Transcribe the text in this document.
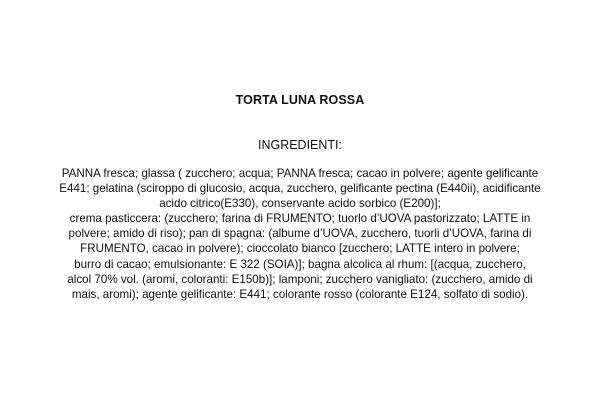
TORTA LUNA ROSSA
INGREDIENTI:
PANNA fresca; glassa ( zucchero; acqua; PANNA fresca; cacao in polvere; agente gelificante
E441; gelatina (sciroppo di glucosio, acqua, zucchero, gelificante pectina (E440ii), acidificante
acido citrico(E330), conservante acido sorbico (E200)];
crema pasticcera: (zucchero; farina di FRUMENTO; tuorlo d’UOVA pastorizzato; LATTE in
polvere; amido di riso); pan di spagna: (albume d’UOVA, zucchero, tuorli d’UOVA, farina di
FRUMENTO, cacao in polvere); cioccolato bianco [zucchero; LATTE intero in polvere;
burro di cacao; emulsionante: E 322 (SOIA)]; bagna alcolica al rhum: [(acqua, zucchero,
alcol 70% vol. (aromi, coloranti: E150b)]; lamponi; zucchero vanigliato: (zucchero, amido di
mais, aromi); agente gelificante: E441; colorante rosso (colorante E124, solfato di sodio).
